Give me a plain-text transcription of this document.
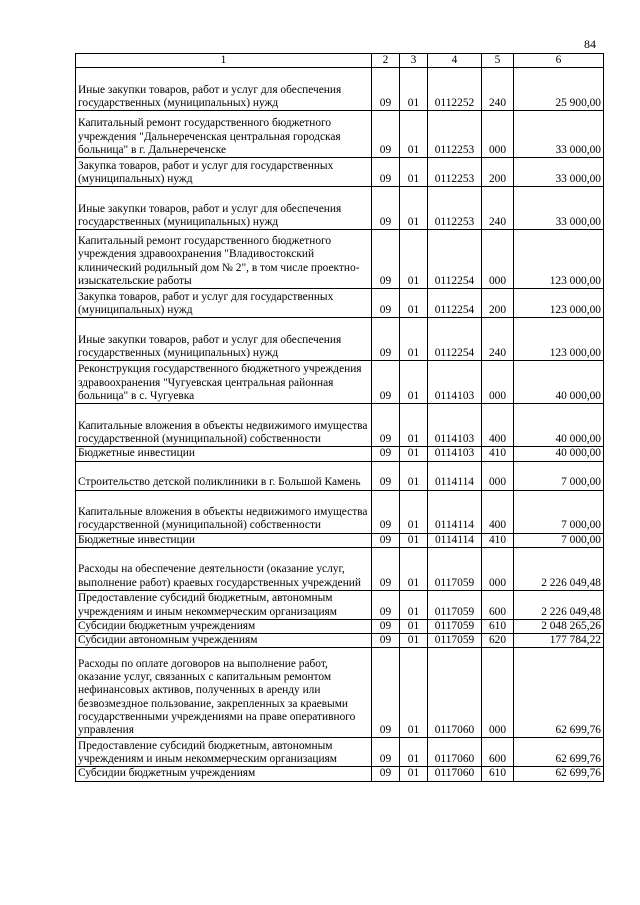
84
1	2	3	4	5	6
Иные закупки товаров, работ и услуг для обеспечения государственных (муниципальных) нужд	09	01	0112252	240	25 900,00
Капитальный ремонт государственного бюджетного учреждения "Дальнереченская центральная городская больница" в г. Дальнереченске	09	01	0112253	000	33 000,00
Закупка товаров, работ и услуг для государственных (муниципальных) нужд	09	01	0112253	200	33 000,00
Иные закупки товаров, работ и услуг для обеспечения государственных (муниципальных) нужд	09	01	0112253	240	33 000,00
Капитальный ремонт государственного бюджетного учреждения здравоохранения "Владивостокский клинический родильный дом № 2", в том числе проектно-изыскательские работы	09	01	0112254	000	123 000,00
Закупка товаров, работ и услуг для государственных (муниципальных) нужд	09	01	0112254	200	123 000,00
Иные закупки товаров, работ и услуг для обеспечения государственных (муниципальных) нужд	09	01	0112254	240	123 000,00
Реконструкция государственного бюджетного учреждения здравоохранения "Чугуевская центральная районная больница" в с. Чугуевка	09	01	0114103	000	40 000,00
Капитальные вложения в объекты недвижимого имущества государственной (муниципальной) собственности	09	01	0114103	400	40 000,00
Бюджетные инвестиции	09	01	0114103	410	40 000,00
Строительство детской поликлиники в г. Большой Камень	09	01	0114114	000	7 000,00
Капитальные вложения в объекты недвижимого имущества государственной (муниципальной) собственности	09	01	0114114	400	7 000,00
Бюджетные инвестиции	09	01	0114114	410	7 000,00
Расходы на обеспечение деятельности (оказание услуг, выполнение работ) краевых государственных учреждений	09	01	0117059	000	2 226 049,48
Предоставление субсидий бюджетным, автономным учреждениям и иным некоммерческим организациям	09	01	0117059	600	2 226 049,48
Субсидии бюджетным учреждениям	09	01	0117059	610	2 048 265,26
Субсидии автономным учреждениям	09	01	0117059	620	177 784,22
Расходы по оплате договоров на выполнение работ, оказание услуг, связанных с капитальным ремонтом нефинансовых активов, полученных в аренду или безвозмездное пользование, закрепленных за краевыми государственными учреждениями на праве оперативного управления	09	01	0117060	000	62 699,76
Предоставление субсидий бюджетным, автономным учреждениям и иным некоммерческим организациям	09	01	0117060	600	62 699,76
Субсидии бюджетным учреждениям	09	01	0117060	610	62 699,76
